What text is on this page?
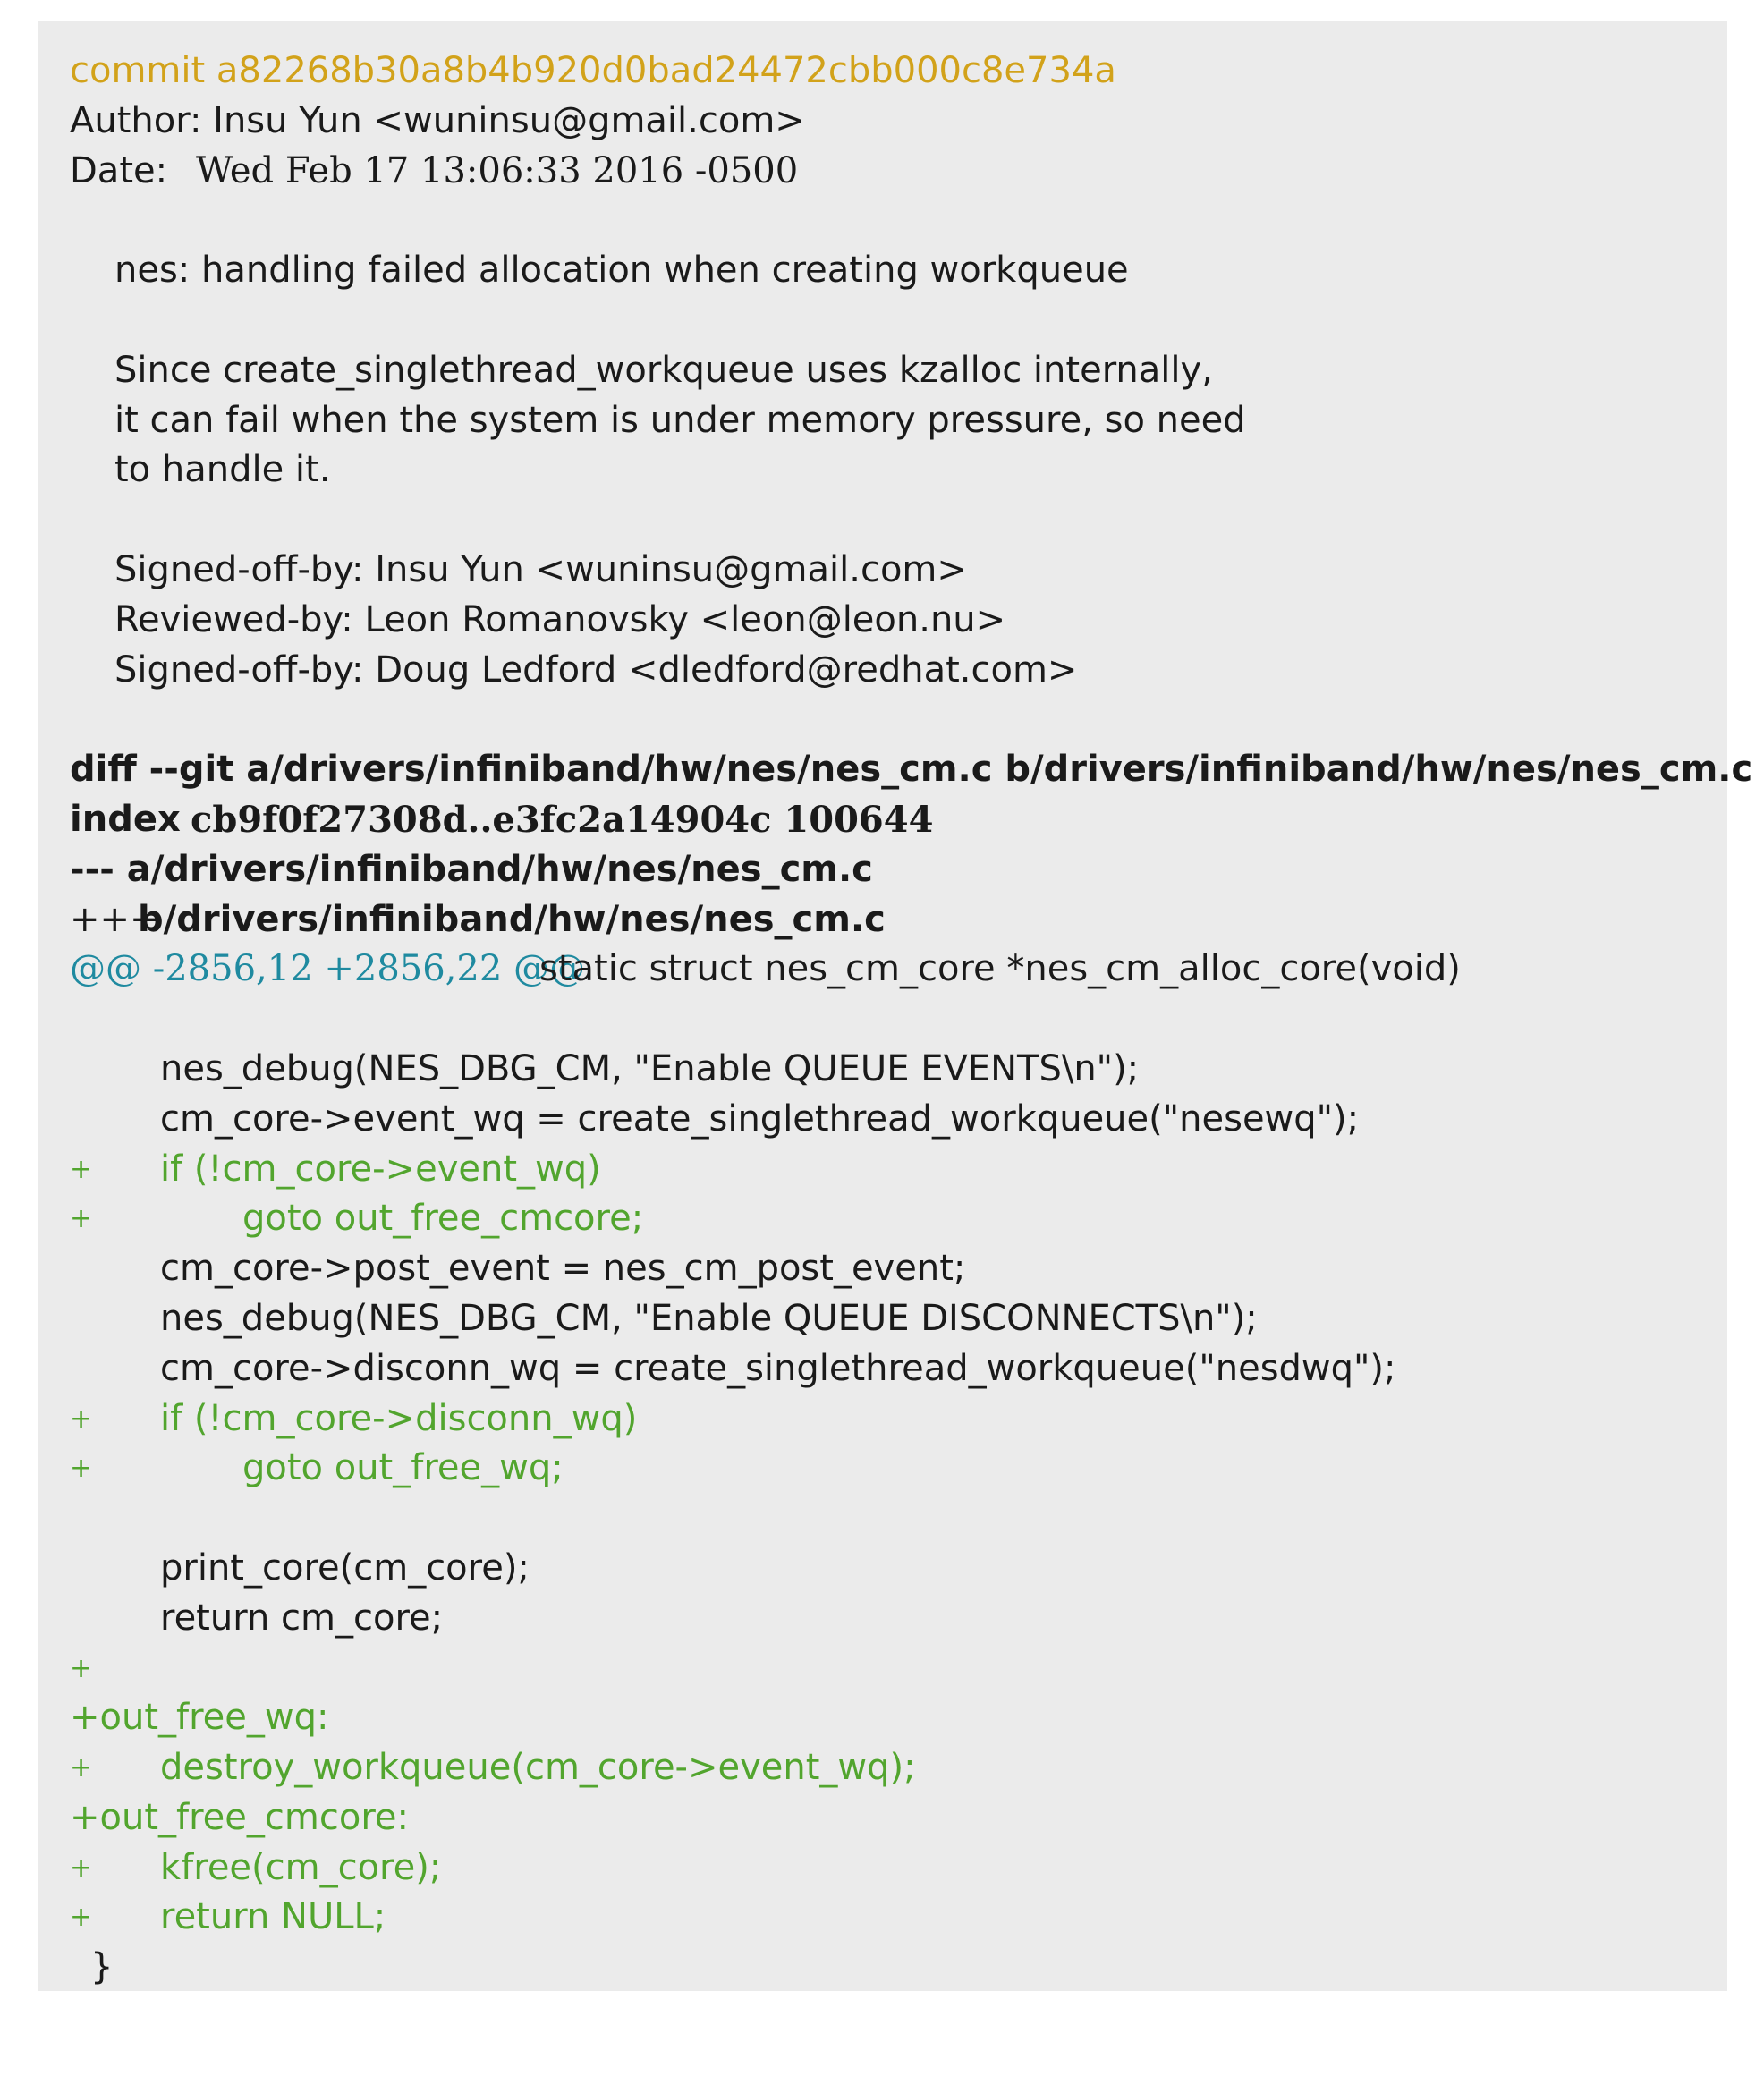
commit a82268b30a8b4b920d0bad24472cbb000c8e734a

Author: Insu Yun <wuninsu@gmail.com>

Date:

Wed Feb 17 13:06:33 2016 -0500

nes: handling failed allocation when creating workqueue

Since create_singlethread_workqueue uses kzalloc internally,

it can fail when the system is under memory pressure, so need

to handle it.

Signed-off-by: Insu Yun <wuninsu@gmail.com>

Reviewed-by: Leon Romanovsky <leon@leon.nu>

Signed-off-by: Doug Ledford <dledford@redhat.com>

diff --git a/drivers/infiniband/hw/nes/nes_cm.c b/drivers/infiniband/hw/nes/nes_cm.c

index

cb9f0f27308d..e3fc2a14904c 100644

--- a/drivers/infiniband/hw/nes/nes_cm.c

+++

b/drivers/infiniband/hw/nes/nes_cm.c

@@ -2856,12 +2856,22 @@

static struct nes_cm_core *nes_cm_alloc_core(void)

nes_debug(NES_DBG_CM, "Enable QUEUE EVENTS\n");

cm_core->event_wq = create_singlethread_workqueue("nesewq");

+

if (!cm_core->event_wq)

+

	goto out_free_cmcore;

cm_core->post_event = nes_cm_post_event;

nes_debug(NES_DBG_CM, "Enable QUEUE DISCONNECTS\n");

cm_core->disconn_wq = create_singlethread_workqueue("nesdwq");

+

if (!cm_core->disconn_wq)

+

	goto out_free_wq;

print_core(cm_core);

return cm_core;

+

+out_free_wq:

+

destroy_workqueue(cm_core->event_wq);

+out_free_cmcore:

+

kfree(cm_core);

+

return NULL;

}
